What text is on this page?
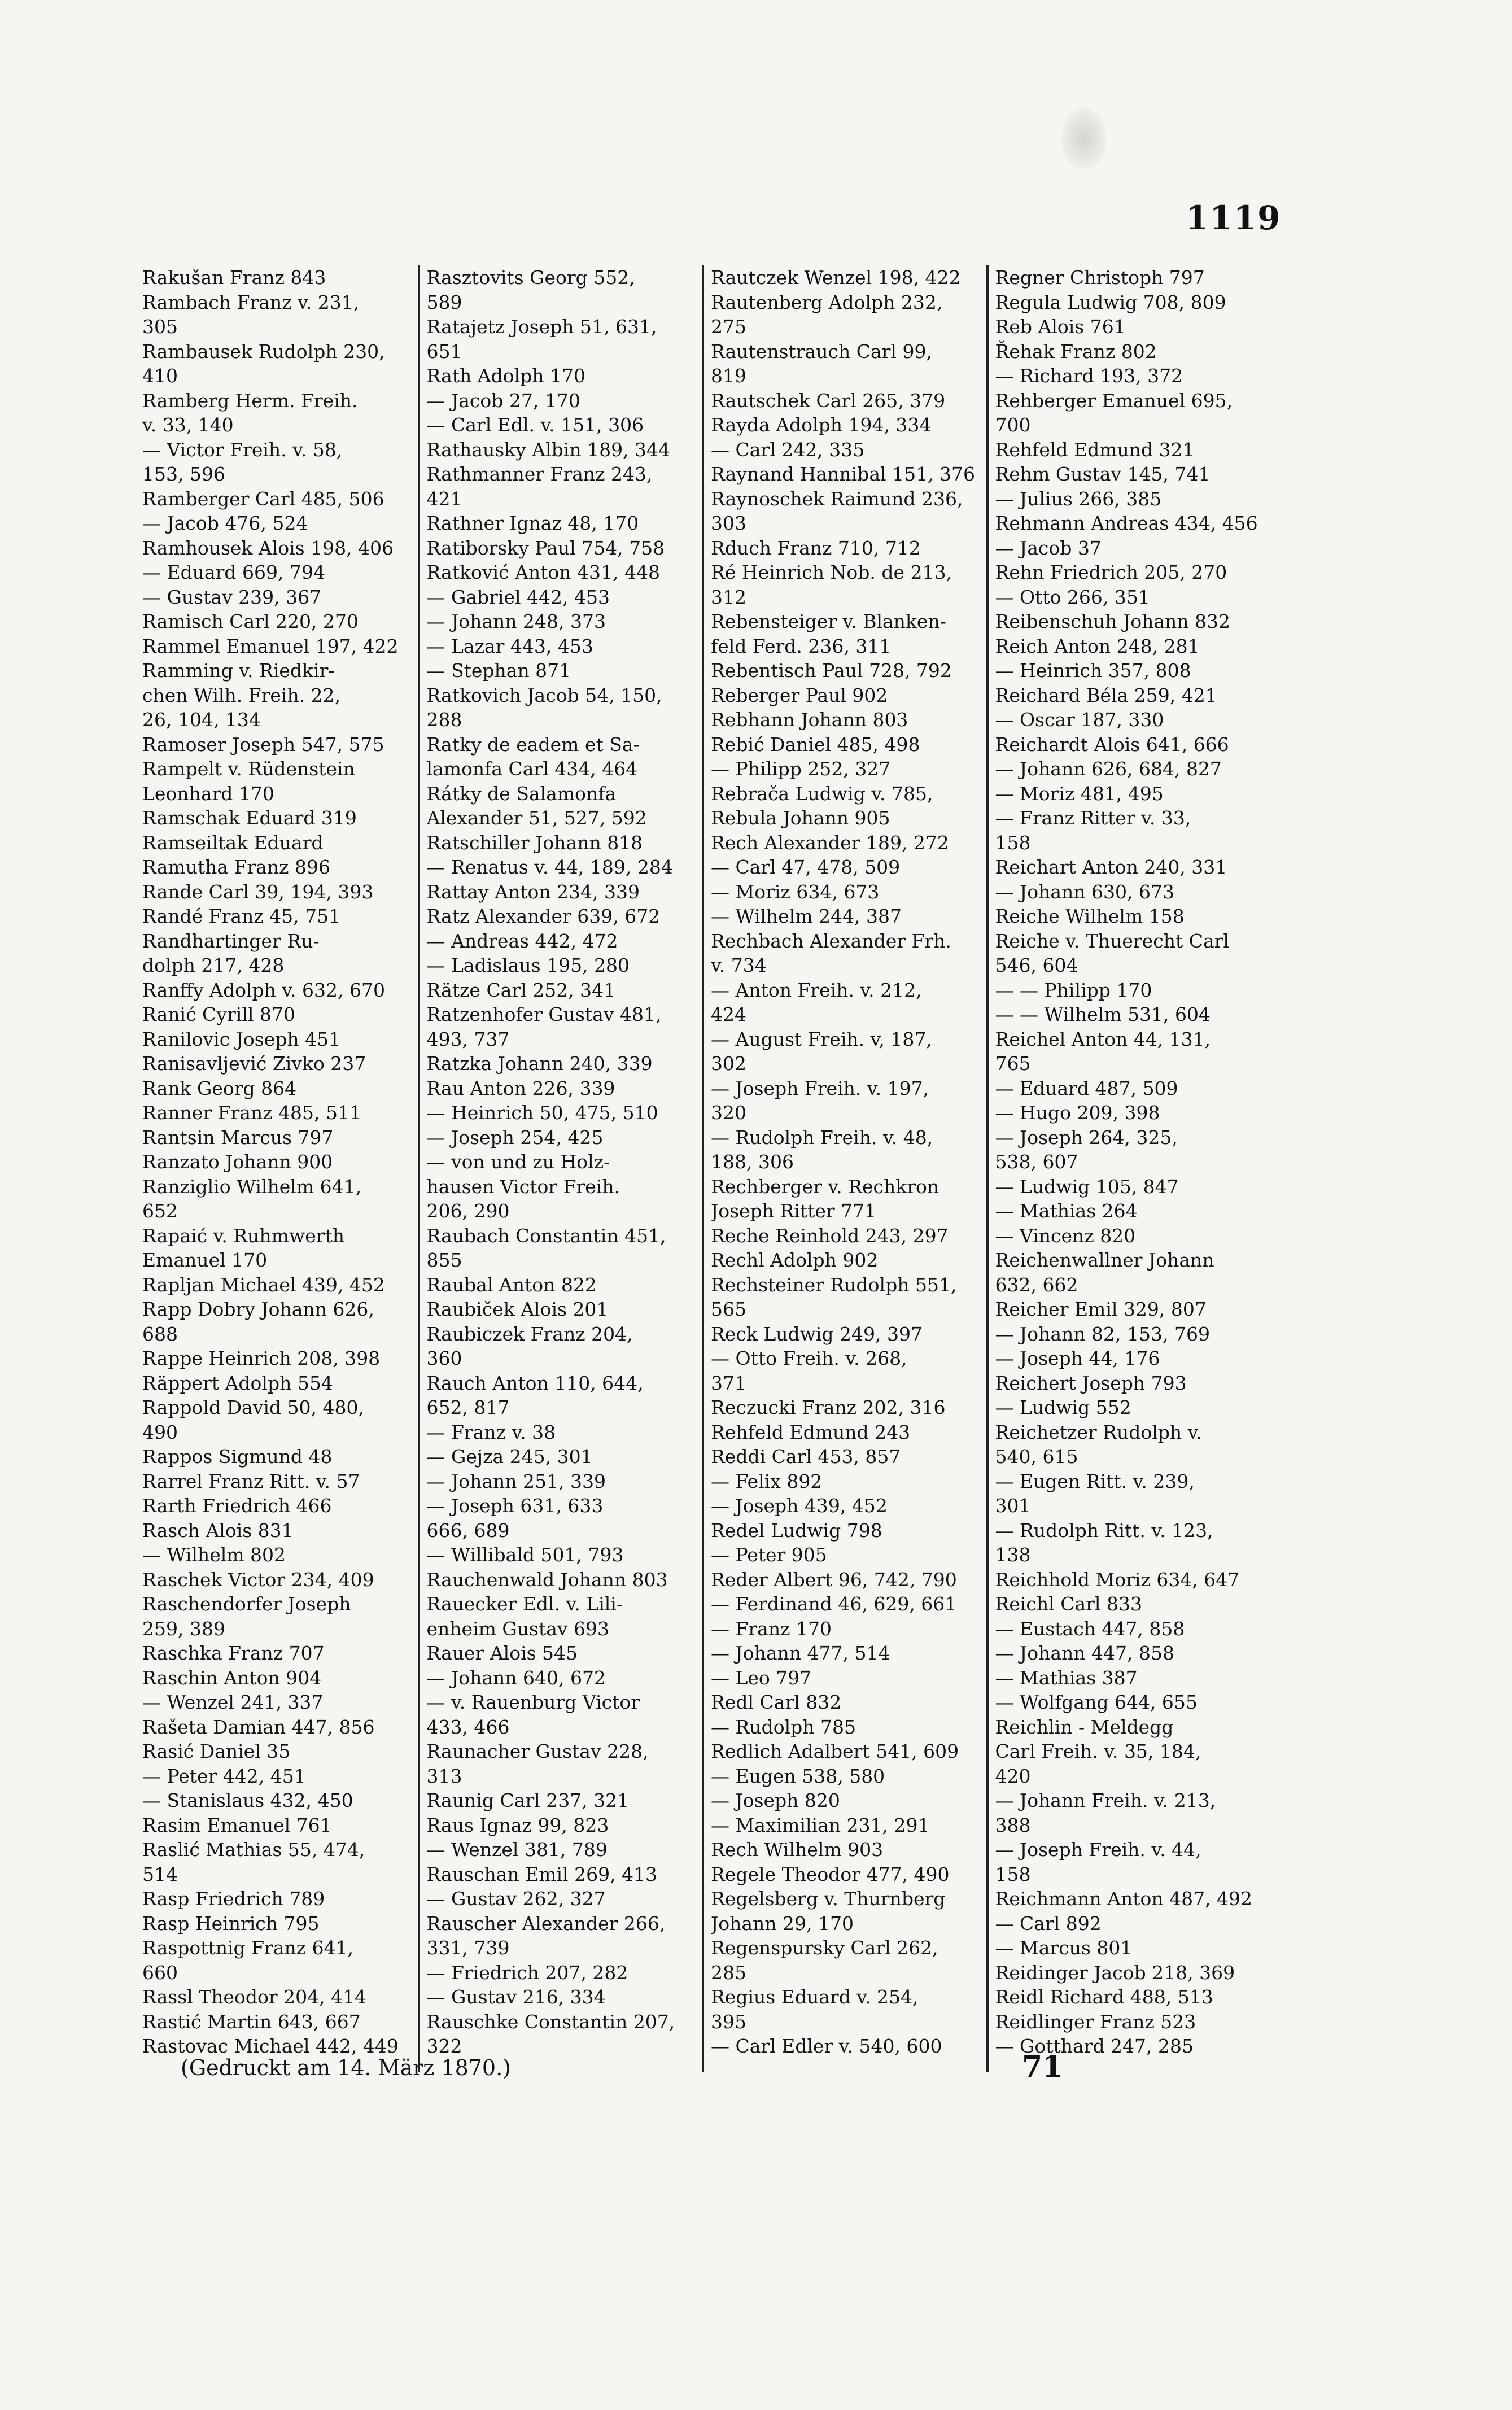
1119
Rakušan Franz 843
Rambach Franz v. 231,
305
Rambausek Rudolph 230,
410
Ramberg Herm. Freih.
v. 33, 140
— Victor Freih. v. 58,
153, 596
Ramberger Carl 485, 506
— Jacob 476, 524
Ramhousek Alois 198, 406
— Eduard 669, 794
— Gustav 239, 367
Ramisch Carl 220, 270
Rammel Emanuel 197, 422
Ramming v. Riedkir-
chen Wilh. Freih. 22,
26, 104, 134
Ramoser Joseph 547, 575
Rampelt v. Rüdenstein
Leonhard 170
Ramschak Eduard 319
Ramseiltak Eduard
Ramutha Franz 896
Rande Carl 39, 194, 393
Randé Franz 45, 751
Randhartinger Ru-
dolph 217, 428
Ranffy Adolph v. 632, 670
Ranić Cyrill 870
Ranilovic Joseph 451
Ranisavljević Zivko 237
Rank Georg 864
Ranner Franz 485, 511
Rantsin Marcus 797
Ranzato Johann 900
Ranziglio Wilhelm 641,
652
Rapaić v. Ruhmwerth
Emanuel 170
Rapljan Michael 439, 452
Rapp Dobry Johann 626,
688
Rappe Heinrich 208, 398
Räppert Adolph 554
Rappold David 50, 480,
490
Rappos Sigmund 48
Rarrel Franz Ritt. v. 57
Rarth Friedrich 466
Rasch Alois 831
— Wilhelm 802
Raschek Victor 234, 409
Raschendorfer Joseph
259, 389
Raschka Franz 707
Raschin Anton 904
— Wenzel 241, 337
Rašeta Damian 447, 856
Rasić Daniel 35
— Peter 442, 451
— Stanislaus 432, 450
Rasim Emanuel 761
Raslić Mathias 55, 474,
514
Rasp Friedrich 789
Rasp Heinrich 795
Raspottnig Franz 641,
660
Rassl Theodor 204, 414
Rastić Martin 643, 667
Rastovac Michael 442, 449
Rasztovits Georg 552,
589
Ratajetz Joseph 51, 631,
651
Rath Adolph 170
— Jacob 27, 170
— Carl Edl. v. 151, 306
Rathausky Albin 189, 344
Rathmanner Franz 243,
421
Rathner Ignaz 48, 170
Ratiborsky Paul 754, 758
Ratković Anton 431, 448
— Gabriel 442, 453
— Johann 248, 373
— Lazar 443, 453
— Stephan 871
Ratkovich Jacob 54, 150,
288
Ratky de eadem et Sa-
lamonfa Carl 434, 464
Rátky de Salamonfa
Alexander 51, 527, 592
Ratschiller Johann 818
— Renatus v. 44, 189, 284
Rattay Anton 234, 339
Ratz Alexander 639, 672
— Andreas 442, 472
— Ladislaus 195, 280
Rätze Carl 252, 341
Ratzenhofer Gustav 481,
493, 737
Ratzka Johann 240, 339
Rau Anton 226, 339
— Heinrich 50, 475, 510
— Joseph 254, 425
— von und zu Holz-
hausen Victor Freih.
206, 290
Raubach Constantin 451,
855
Raubal Anton 822
Raubiček Alois 201
Raubiczek Franz 204,
360
Rauch Anton 110, 644,
652, 817
— Franz v. 38
— Gejza 245, 301
— Johann 251, 339
— Joseph 631, 633
666, 689
— Willibald 501, 793
Rauchenwald Johann 803
Rauecker Edl. v. Lili-
enheim Gustav 693
Rauer Alois 545
— Johann 640, 672
— v. Rauenburg Victor
433, 466
Raunacher Gustav 228,
313
Raunig Carl 237, 321
Raus Ignaz 99, 823
— Wenzel 381, 789
Rauschan Emil 269, 413
— Gustav 262, 327
Rauscher Alexander 266,
331, 739
— Friedrich 207, 282
— Gustav 216, 334
Rauschke Constantin 207,
322
Rautczek Wenzel 198, 422
Rautenberg Adolph 232,
275
Rautenstrauch Carl 99,
819
Rautschek Carl 265, 379
Rayda Adolph 194, 334
— Carl 242, 335
Raynand Hannibal 151, 376
Raynoschek Raimund 236,
303
Rduch Franz 710, 712
Ré Heinrich Nob. de 213,
312
Rebensteiger v. Blanken-
feld Ferd. 236, 311
Rebentisch Paul 728, 792
Reberger Paul 902
Rebhann Johann 803
Rebić Daniel 485, 498
— Philipp 252, 327
Rebrača Ludwig v. 785,
Rebula Johann 905
Rech Alexander 189, 272
— Carl 47, 478, 509
— Moriz 634, 673
— Wilhelm 244, 387
Rechbach Alexander Frh.
v. 734
— Anton Freih. v. 212,
424
— August Freih. v, 187,
302
— Joseph Freih. v. 197,
320
— Rudolph Freih. v. 48,
188, 306
Rechberger v. Rechkron
Joseph Ritter 771
Reche Reinhold 243, 297
Rechl Adolph 902
Rechsteiner Rudolph 551,
565
Reck Ludwig 249, 397
— Otto Freih. v. 268,
371
Reczucki Franz 202, 316
Rehfeld Edmund 243
Reddi Carl 453, 857
— Felix 892
— Joseph 439, 452
Redel Ludwig 798
— Peter 905
Reder Albert 96, 742, 790
— Ferdinand 46, 629, 661
— Franz 170
— Johann 477, 514
— Leo 797
Redl Carl 832
— Rudolph 785
Redlich Adalbert 541, 609
— Eugen 538, 580
— Joseph 820
— Maximilian 231, 291
Rech Wilhelm 903
Regele Theodor 477, 490
Regelsberg v. Thurnberg
Johann 29, 170
Regenspursky Carl 262,
285
Regius Eduard v. 254,
395
— Carl Edler v. 540, 600
Regner Christoph 797
Regula Ludwig 708, 809
Reb Alois 761
Řehak Franz 802
— Richard 193, 372
Rehberger Emanuel 695,
700
Rehfeld Edmund 321
Rehm Gustav 145, 741
— Julius 266, 385
Rehmann Andreas 434, 456
— Jacob 37
Rehn Friedrich 205, 270
— Otto 266, 351
Reibenschuh Johann 832
Reich Anton 248, 281
— Heinrich 357, 808
Reichard Béla 259, 421
— Oscar 187, 330
Reichardt Alois 641, 666
— Johann 626, 684, 827
— Moriz 481, 495
— Franz Ritter v. 33,
158
Reichart Anton 240, 331
— Johann 630, 673
Reiche Wilhelm 158
Reiche v. Thuerecht Carl
546, 604
— — Philipp 170
— — Wilhelm 531, 604
Reichel Anton 44, 131,
765
— Eduard 487, 509
— Hugo 209, 398
— Joseph 264, 325,
538, 607
— Ludwig 105, 847
— Mathias 264
— Vincenz 820
Reichenwallner Johann
632, 662
Reicher Emil 329, 807
— Johann 82, 153, 769
— Joseph 44, 176
Reichert Joseph 793
— Ludwig 552
Reichetzer Rudolph v.
540, 615
— Eugen Ritt. v. 239,
301
— Rudolph Ritt. v. 123,
138
Reichhold Moriz 634, 647
Reichl Carl 833
— Eustach 447, 858
— Johann 447, 858
— Mathias 387
— Wolfgang 644, 655
Reichlin - Meldegg
Carl Freih. v. 35, 184,
420
— Johann Freih. v. 213,
388
— Joseph Freih. v. 44,
158
Reichmann Anton 487, 492
— Carl 892
— Marcus 801
Reidinger Jacob 218, 369
Reidl Richard 488, 513
Reidlinger Franz 523
— Gotthard 247, 285
(Gedruckt am 14. März 1870.)	71
